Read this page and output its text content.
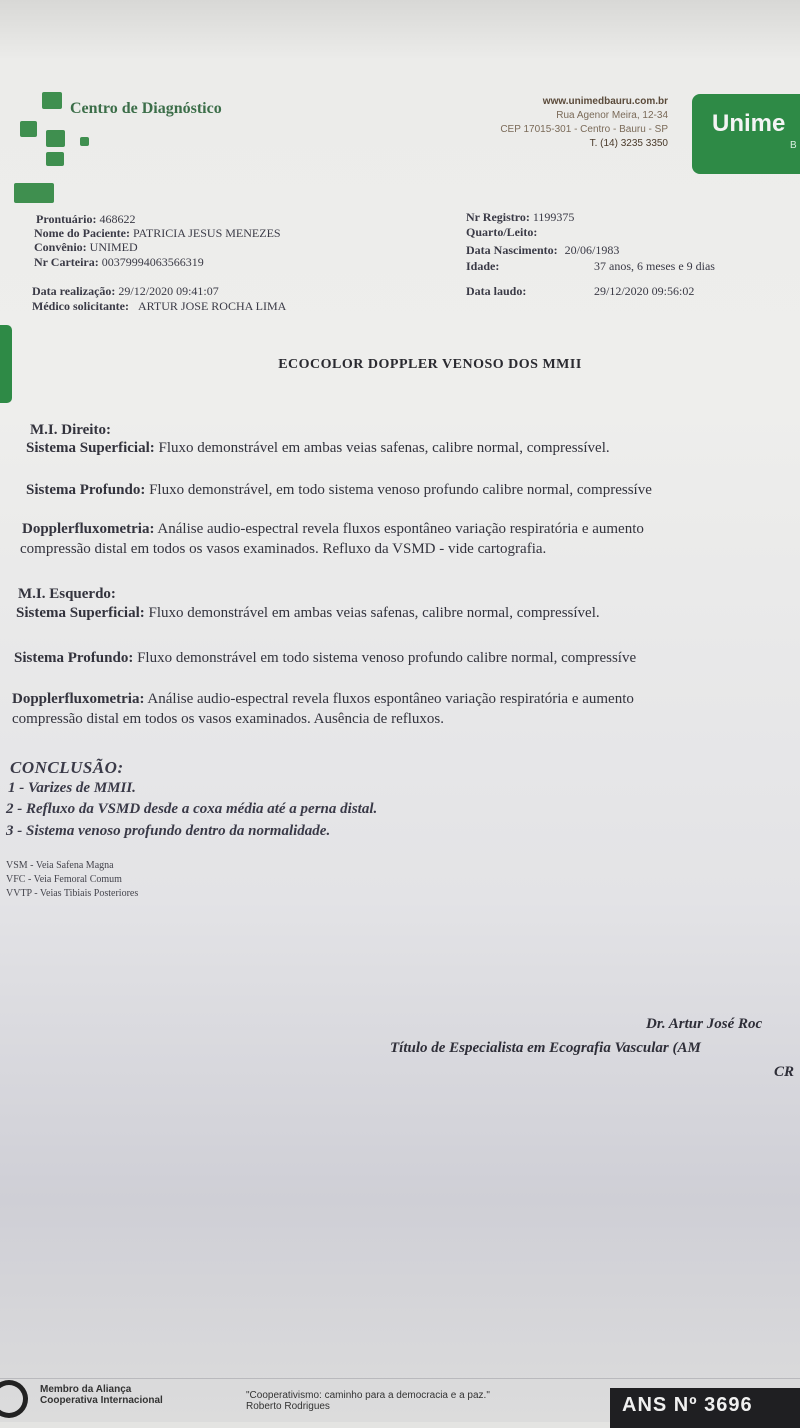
Centro de Diagnóstico	www.unimedbauru.com.br
Rua Agenor Meira, 12-34
CEP 17015-301 - Centro - Bauru - SP
T. (14) 3235 3350
Unime
B
Prontuário: 468622
Nome do Paciente: PATRICIA JESUS MENEZES
Convênio: UNIMED
Nr Carteira: 00379994063566319
Data realização: 29/12/2020 09:41:07
Médico solicitante: ARTUR JOSE ROCHA LIMA
Nr Registro: 1199375
Quarto/Leito:
Data Nascimento: 20/06/1983
Idade:	37 anos, 6 meses e 9 dias
Data laudo:	29/12/2020 09:56:02
ECOCOLOR DOPPLER VENOSO DOS MMII
M.I. Direito:
Sistema Superficial: Fluxo demonstrável em ambas veias safenas, calibre normal, compressível.
Sistema Profundo: Fluxo demonstrável, em todo sistema venoso profundo calibre normal, compressíve
Dopplerfluxometria: Análise audio-espectral revela fluxos espontâneo variação respiratória e aumento
compressão distal em todos os vasos examinados. Refluxo da VSMD - vide cartografia.
M.I. Esquerdo:
Sistema Superficial: Fluxo demonstrável em ambas veias safenas, calibre normal, compressível.
Sistema Profundo: Fluxo demonstrável em todo sistema venoso profundo calibre normal, compressíve
Dopplerfluxometria: Análise audio-espectral revela fluxos espontâneo variação respiratória e aumento
compressão distal em todos os vasos examinados. Ausência de refluxos.
CONCLUSÃO:
1 - Varizes de MMII.
2 - Refluxo da VSMD desde a coxa média até a perna distal.
3 - Sistema venoso profundo dentro da normalidade.
VSM - Veia Safena Magna
VFC - Veia Femoral Comum
VVTP - Veias Tibiais Posteriores
Dr. Artur José Roc
Título de Especialista em Ecografia Vascular (AM
CR
Membro da Aliança
Cooperativa Internacional	"Cooperativismo: caminho para a democracia e a paz."
Roberto Rodrigues	ANS Nº 3696
